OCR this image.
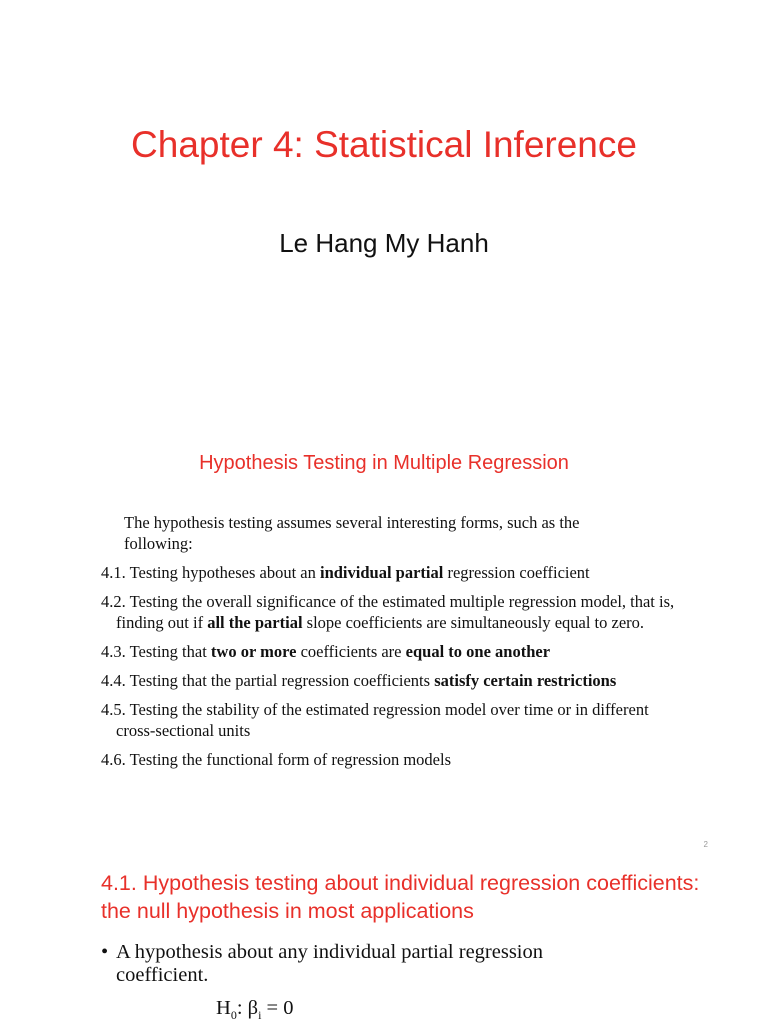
Chapter 4: Statistical Inference
Le Hang My Hanh
Hypothesis Testing in Multiple Regression
The hypothesis testing assumes several interesting forms, such as the
following:
4.1. Testing hypotheses about an individual partial regression coefficient
4.2. Testing the overall significance of the estimated multiple regression model, that is, finding out if all the partial slope coefficients are simultaneously equal to zero.
4.3. Testing that two or more coefficients are equal to one another
4.4. Testing that the partial regression coefficients satisfy certain restrictions
4.5. Testing the stability of the estimated regression model over time or in different cross-sectional units
4.6. Testing the functional form of regression models
2
4.1. Hypothesis testing about individual regression coefficients: the null hypothesis in most applications
• A hypothesis about any individual partial regression
coefficient.
$H_0$: $\beta_i = 0$
